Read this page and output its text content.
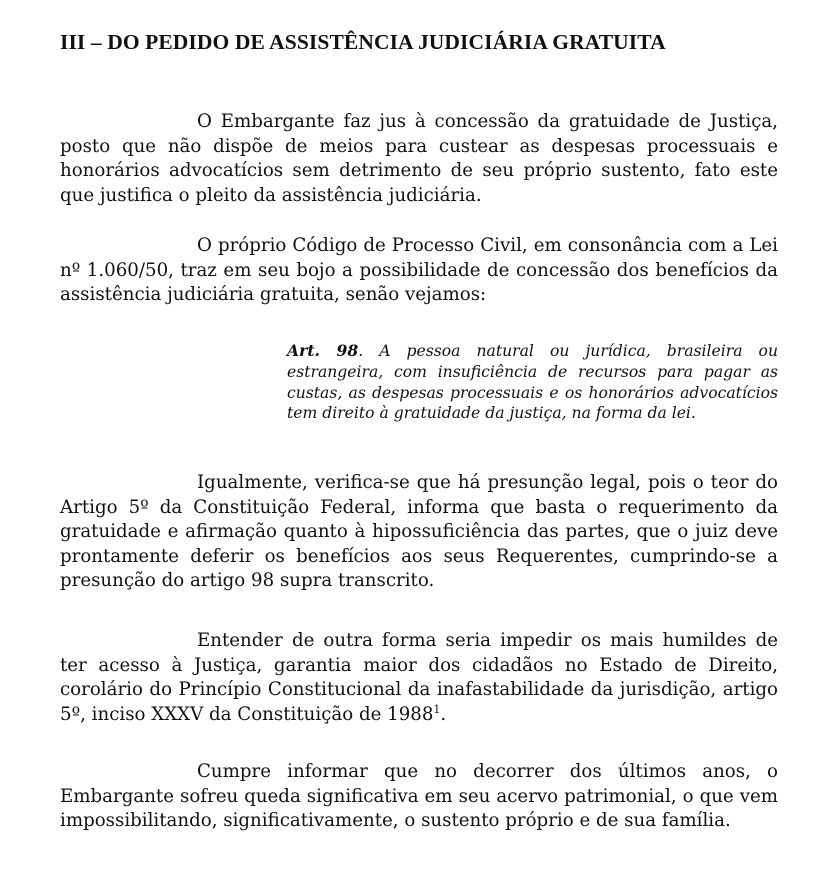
III – DO PEDIDO DE ASSISTÊNCIA JUDICIÁRIA GRATUITA

O Embargante faz jus à concessão da gratuidade de Justiça, posto que não dispõe de meios para custear as despesas processuais e honorários advocatícios sem detrimento de seu próprio sustento, fato este que justifica o pleito da assistência judiciária.

O próprio Código de Processo Civil, em consonância com a Lei nº 1.060/50, traz em seu bojo a possibilidade de concessão dos benefícios da assistência judiciária gratuita, senão vejamos:

Art. 98. A pessoa natural ou jurídica, brasileira ou estrangeira, com insuficiência de recursos para pagar as custas, as despesas processuais e os honorários advocatícios tem direito à gratuidade da justiça, na forma da lei.

Igualmente, verifica-se que há presunção legal, pois o teor do Artigo 5º da Constituição Federal, informa que basta o requerimento da gratuidade e afirmação quanto à hipossuficiência das partes, que o juiz deve prontamente deferir os benefícios aos seus Requerentes, cumprindo-se a presunção do artigo 98 supra transcrito.

Entender de outra forma seria impedir os mais humildes de ter acesso à Justiça, garantia maior dos cidadãos no Estado de Direito, corolário do Princípio Constitucional da inafastabilidade da jurisdição, artigo 5º, inciso XXXV da Constituição de 1988$^1$.

Cumpre informar que no decorrer dos últimos anos, o Embargante sofreu queda significativa em seu acervo patrimonial, o que vem impossibilitando, significativamente, o sustento próprio e de sua família.
